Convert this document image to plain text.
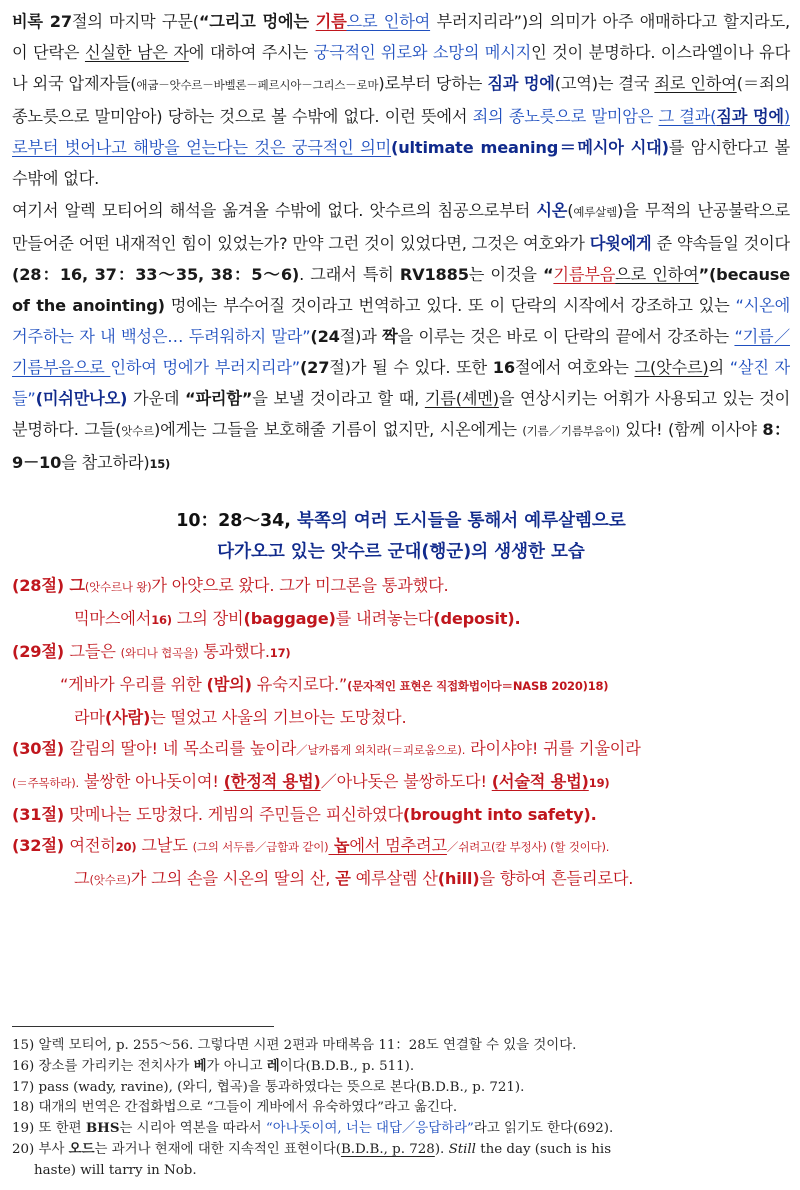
비록 27절의 마지막 구문(“그리고 멍에는 기름으로 인하여 부러지리라”)의 의미가 아주 애매하다고 할지라도, 이 단락은 신실한 남은 자에 대하여 주시는 궁극적인 위로와 소망의 메시지인 것이 분명하다. 이스라엘이나 유다나 외국 압제자들(애굽－앗수르－바벨론－페르시아－그리스－로마)로부터 당하는 짐과 멍에(고역)는 결국 죄로 인하여(＝죄의 종노릇으로 말미암아) 당하는 것으로 볼 수밖에 없다. 이런 뜻에서 죄의 종노릇으로 말미암은 그 결과(짐과 멍에)로부터 벗어나고 해방을 얻는다는 것은 궁극적인 의미(ultimate meaning＝메시아 시대)를 암시한다고 볼 수밖에 없다.

여기서 알렉 모티어의 해석을 옮겨올 수밖에 없다. 앗수르의 침공으로부터 시온(예루살렘)을 무적의 난공불락으로 만들어준 어떤 내재적인 힘이 있었는가? 만약 그런 것이 있었다면, 그것은 여호와가 다윗에게 준 약속들일 것이다(28：16, 37：33～35, 38：5～6). 그래서 특히 RV1885는 이것을 “기름부음으로 인하여”(because of the anointing) 멍에는 부수어질 것이라고 번역하고 있다. 또 이 단락의 시작에서 강조하고 있는 “시온에 거주하는 자 내 백성은… 두려워하지 말라”(24절)과 짝을 이루는 것은 바로 이 단락의 끝에서 강조하는 “기름／기름부음으로 인하여 멍에가 부러지리라”(27절)가 될 수 있다. 또한 16절에서 여호와는 그(앗수르)의 “살진 자들”(미쉬만나오) 가운데 “파리함”을 보낼 것이라고 할 때, 기름(셰멘)을 연상시키는 어휘가 사용되고 있는 것이 분명하다. 그들(앗수르)에게는 그들을 보호해줄 기름이 없지만, 시온에게는 (기름／기름부음이) 있다! (함께 이사야 8：9－10을 참고하라)15)

10：28～34, 북쪽의 여러 도시들을 통해서 예루살렘으로

다가오고 있는 앗수르 군대(행군)의 생생한 모습

(28절) 그(앗수르나 왕)가 아얏으로 왔다. 그가 미그론을 통과했다.

믹마스에서16) 그의 장비(baggage)를 내려놓는다(deposit).

(29절) 그들은 (와디나 협곡을) 통과했다.17)

“게바가 우리를 위한 (밤의) 유숙지로다.”(문자적인 표현은 직접화법이다＝NASB 2020)18)

라마(사람)는 떨었고 사울의 기브아는 도망쳤다.

(30절) 갈림의 딸아! 네 목소리를 높이라／날카롭게 외치라(＝괴로움으로). 라이샤야! 귀를 기울이라

(＝주목하라). 불쌍한 아나돗이여! (한정적 용법)／아나돗은 불쌍하도다! (서술적 용법)19)

(31절) 맛메나는 도망쳤다. 게빔의 주민들은 피신하였다(brought into safety).

(32절) 여전히20) 그날도 (그의 서두름／급함과 같이) 놉에서 멈추려고／쉬려고(칼 부정사) (할 것이다).

그(앗수르)가 그의 손을 시온의 딸의 산, 곧 예루살렘 산(hill)을 향하여 흔들리로다.

15) 알렉 모티어, p. 255～56. 그렇다면 시편 2편과 마태복음 11：28도 연결할 수 있을 것이다.

16) 장소를 가리키는 전치사가 베가 아니고 레이다(B.D.B., p. 511).

17) pass (wady, ravine), (와디, 협곡)을 통과하였다는 뜻으로 본다(B.D.B., p. 721).

18) 대개의 번역은 간접화법으로 “그들이 게바에서 유숙하였다”라고 옮긴다.

19) 또 한편 BHS는 시리아 역본을 따라서 “아나돗이여, 너는 대답／응답하라”라고 읽기도 한다(692).

20) 부사 오드는 과거나 현재에 대한 지속적인 표현이다(B.D.B., p. 728). Still the day (such is his

haste) will tarry in Nob.
